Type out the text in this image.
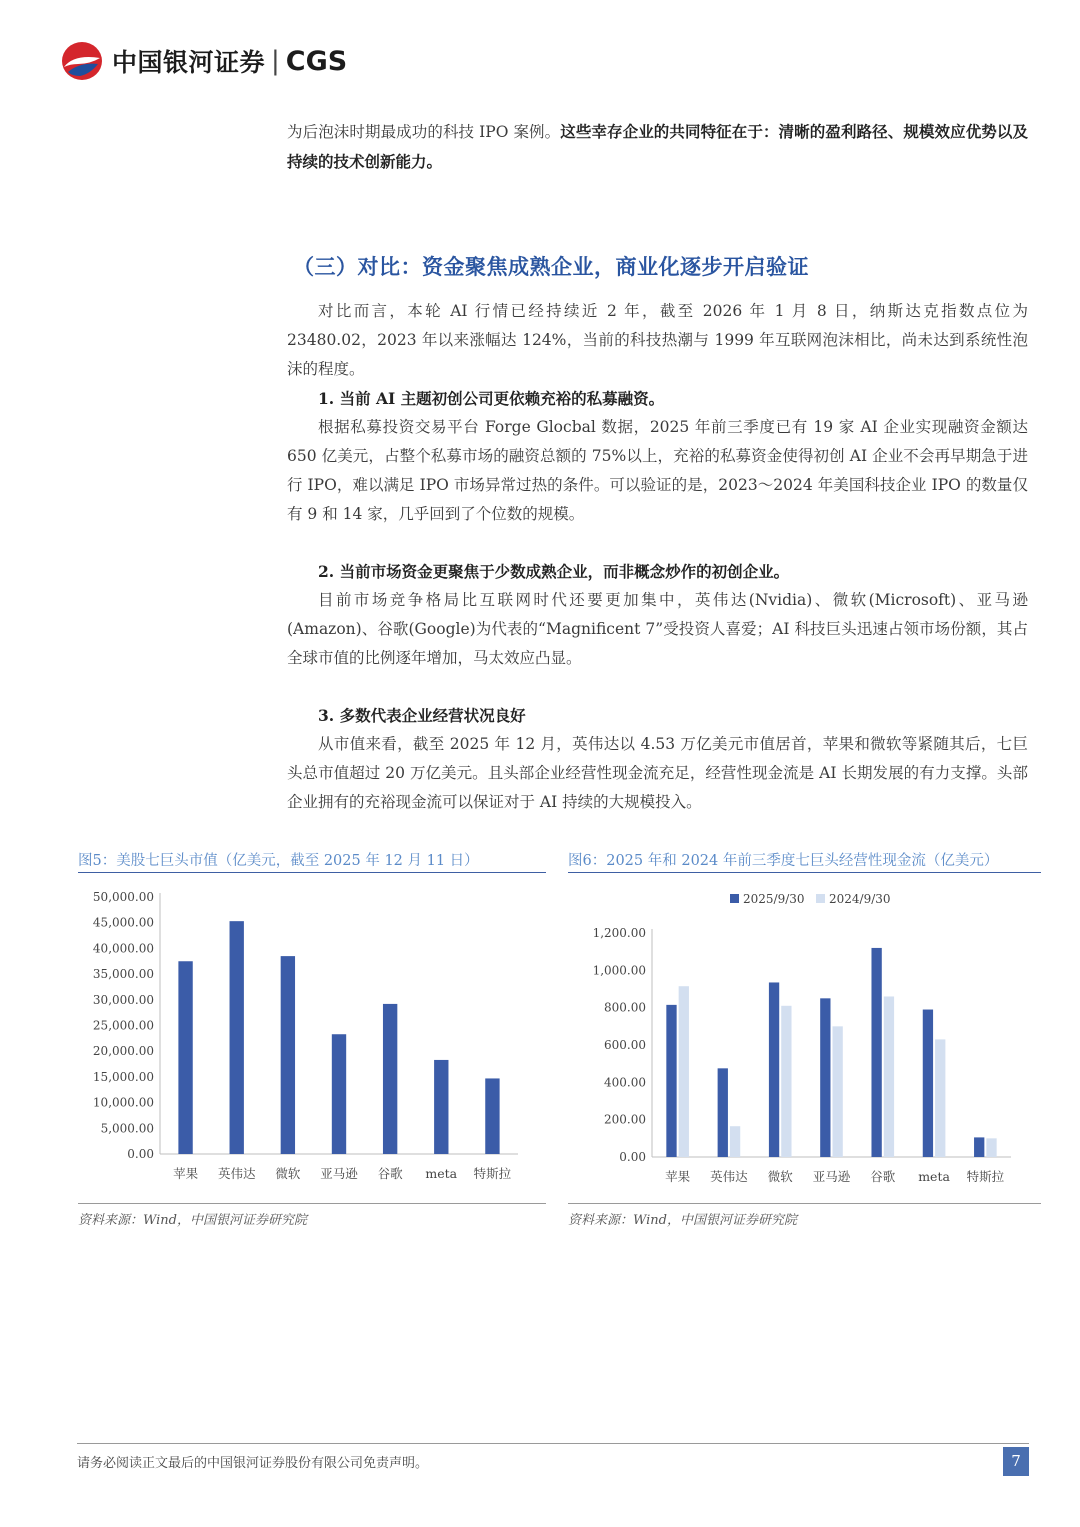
中国银河证券 | CGS

为后泡沫时期最成功的科技 IPO 案例。这些幸存企业的共同特征在于：清晰的盈利路径、规模效应优势以及持续的技术创新能力。

（三）对比：资金聚焦成熟企业，商业化逐步开启验证

对比而言，本轮 AI 行情已经持续近 2 年，截至 2026 年 1 月 8 日，纳斯达克指数点位为 23480.02，2023 年以来涨幅达 124%，当前的科技热潮与 1999 年互联网泡沫相比，尚未达到系统性泡沫的程度。

1. 当前 AI 主题初创公司更依赖充裕的私募融资。

根据私募投资交易平台 Forge Glocbal 数据，2025 年前三季度已有 19 家 AI 企业实现融资金额达 650 亿美元，占整个私募市场的融资总额的 75%以上，充裕的私募资金使得初创 AI 企业不会再早期急于进行 IPO，难以满足 IPO 市场异常过热的条件。可以验证的是，2023～2024 年美国科技企业 IPO 的数量仅有 9 和 14 家，几乎回到了个位数的规模。

2. 当前市场资金更聚焦于少数成熟企业，而非概念炒作的初创企业。

目前市场竞争格局比互联网时代还要更加集中，英伟达(Nvidia)、微软(Microsoft)、亚马逊(Amazon)、谷歌(Google)为代表的“Magnificent 7”受投资人喜爱；AI 科技巨头迅速占领市场份额，其占全球市值的比例逐年增加，马太效应凸显。

3. 多数代表企业经营状况良好

从市值来看，截至 2025 年 12 月，英伟达以 4.53 万亿美元市值居首，苹果和微软等紧随其后，七巨头总市值超过 20 万亿美元。且头部企业经营性现金流充足，经营性现金流是 AI 长期发展的有力支撑。头部企业拥有的充裕现金流可以保证对于 AI 持续的大规模投入。

图5：美股七巨头市值（亿美元，截至 2025 年 12 月 11 日）

0.00
5,000.00
10,000.00
15,000.00
20,000.00
25,000.00
30,000.00
35,000.00
40,000.00
45,000.00
50,000.00
苹果 英伟达 微软 亚马逊 谷歌 meta 特斯拉

资料来源：Wind，中国银河证券研究院

图6：2025 年和 2024 年前三季度七巨头经营性现金流（亿美元）

0.00
200.00
400.00
600.00
800.00
1,000.00
1,200.00
苹果 英伟达 微软 亚马逊 谷歌 meta 特斯拉
2025/9/30 2024/9/30

资料来源：Wind，中国银河证券研究院

请务必阅读正文最后的中国银河证券股份有限公司免责声明。	7
